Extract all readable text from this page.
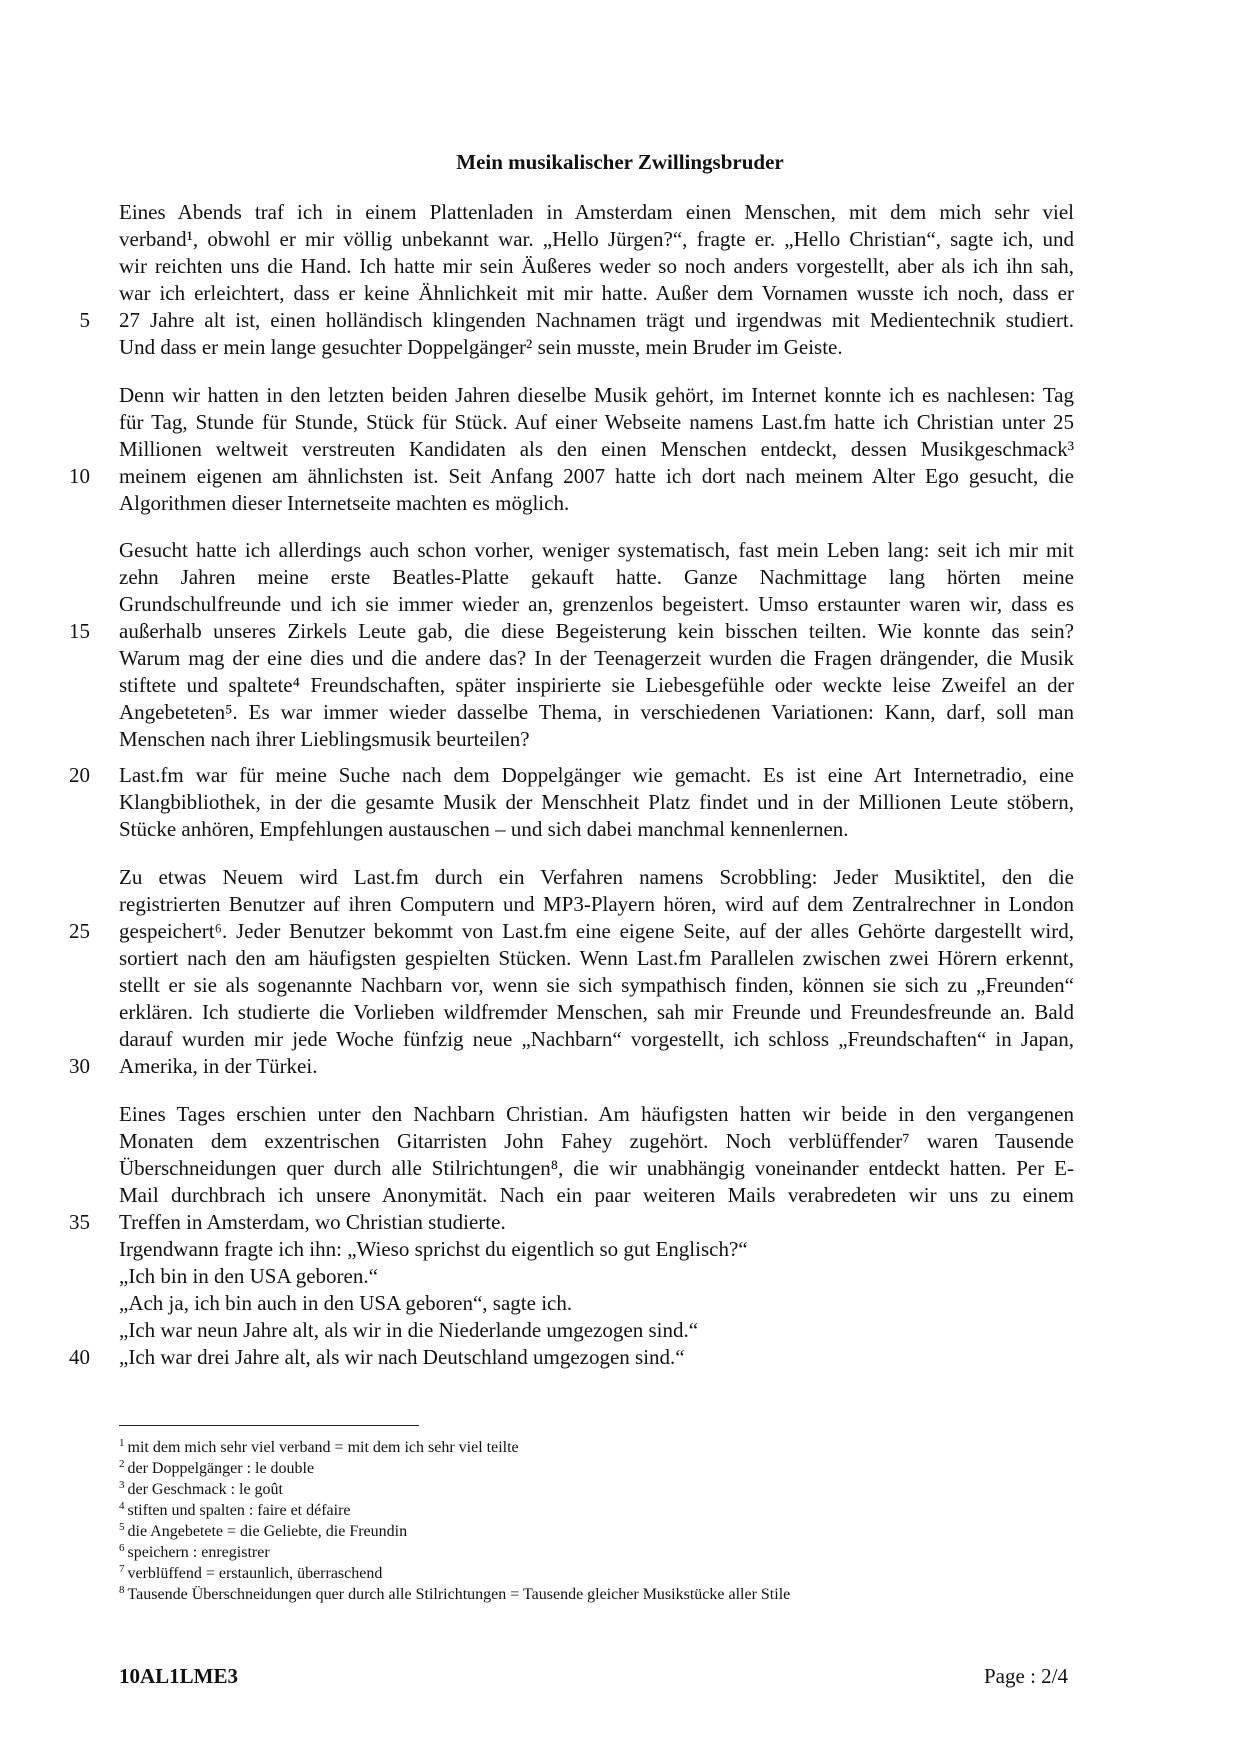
Mein musikalischer Zwillingsbruder
Eines Abends traf ich in einem Plattenladen in Amsterdam einen Menschen, mit dem mich sehr viel
verband¹, obwohl er mir völlig unbekannt war. „Hello Jürgen?“, fragte er. „Hello Christian“, sagte ich, und
wir reichten uns die Hand. Ich hatte mir sein Äußeres weder so noch anders vorgestellt, aber als ich ihn sah,
war ich erleichtert, dass er keine Ähnlichkeit mit mir hatte. Außer dem Vornamen wusste ich noch, dass er
27 Jahre alt ist, einen holländisch klingenden Nachnamen trägt und irgendwas mit Medientechnik studiert.
Und dass er mein lange gesuchter Doppelgänger² sein musste, mein Bruder im Geiste.
Denn wir hatten in den letzten beiden Jahren dieselbe Musik gehört, im Internet konnte ich es nachlesen: Tag
für Tag, Stunde für Stunde, Stück für Stück. Auf einer Webseite namens Last.fm hatte ich Christian unter 25
Millionen weltweit verstreuten Kandidaten als den einen Menschen entdeckt, dessen Musikgeschmack³
meinem eigenen am ähnlichsten ist. Seit Anfang 2007 hatte ich dort nach meinem Alter Ego gesucht, die
Algorithmen dieser Internetseite machten es möglich.
Gesucht hatte ich allerdings auch schon vorher, weniger systematisch, fast mein Leben lang: seit ich mir mit
zehn Jahren meine erste Beatles-Platte gekauft hatte. Ganze Nachmittage lang hörten meine
Grundschulfreunde und ich sie immer wieder an, grenzenlos begeistert. Umso erstaunter waren wir, dass es
außerhalb unseres Zirkels Leute gab, die diese Begeisterung kein bisschen teilten. Wie konnte das sein?
Warum mag der eine dies und die andere das? In der Teenagerzeit wurden die Fragen drängender, die Musik
stiftete und spaltete⁴ Freundschaften, später inspirierte sie Liebesgefühle oder weckte leise Zweifel an der
Angebeteten⁵. Es war immer wieder dasselbe Thema, in verschiedenen Variationen: Kann, darf, soll man
Menschen nach ihrer Lieblingsmusik beurteilen?
Last.fm war für meine Suche nach dem Doppelgänger wie gemacht. Es ist eine Art Internetradio, eine
Klangbibliothek, in der die gesamte Musik der Menschheit Platz findet und in der Millionen Leute stöbern,
Stücke anhören, Empfehlungen austauschen – und sich dabei manchmal kennenlernen.
Zu etwas Neuem wird Last.fm durch ein Verfahren namens Scrobbling: Jeder Musiktitel, den die
registrierten Benutzer auf ihren Computern und MP3-Playern hören, wird auf dem Zentralrechner in London
gespeichert⁶. Jeder Benutzer bekommt von Last.fm eine eigene Seite, auf der alles Gehörte dargestellt wird,
sortiert nach den am häufigsten gespielten Stücken. Wenn Last.fm Parallelen zwischen zwei Hörern erkennt,
stellt er sie als sogenannte Nachbarn vor, wenn sie sich sympathisch finden, können sie sich zu „Freunden“
erklären. Ich studierte die Vorlieben wildfremder Menschen, sah mir Freunde und Freundesfreunde an. Bald
darauf wurden mir jede Woche fünfzig neue „Nachbarn“ vorgestellt, ich schloss „Freundschaften“ in Japan,
Amerika, in der Türkei.
Eines Tages erschien unter den Nachbarn Christian. Am häufigsten hatten wir beide in den vergangenen
Monaten dem exzentrischen Gitarristen John Fahey zugehört. Noch verblüffender⁷ waren Tausende
Überschneidungen quer durch alle Stilrichtungen⁸, die wir unabhängig voneinander entdeckt hatten. Per E-
Mail durchbrach ich unsere Anonymität. Nach ein paar weiteren Mails verabredeten wir uns zu einem
Treffen in Amsterdam, wo Christian studierte.
Irgendwann fragte ich ihn: „Wieso sprichst du eigentlich so gut Englisch?“
„Ich bin in den USA geboren.“
„Ach ja, ich bin auch in den USA geboren“, sagte ich.
„Ich war neun Jahre alt, als wir in die Niederlande umgezogen sind.“
„Ich war drei Jahre alt, als wir nach Deutschland umgezogen sind.“
5
10
15
20
25
30
35
40
$^1$ mit dem mich sehr viel verband = mit dem ich sehr viel teilte
$^2$ der Doppelgänger : le double
$^3$ der Geschmack : le goût
$^4$ stiften und spalten : faire et défaire
$^5$ die Angebetete = die Geliebte, die Freundin
$^6$ speichern : enregistrer
$^7$ verblüffend = erstaunlich, überraschend
$^8$ Tausende Überschneidungen quer durch alle Stilrichtungen = Tausende gleicher Musikstücke aller Stile
10AL1LME3	Page : 2/4
